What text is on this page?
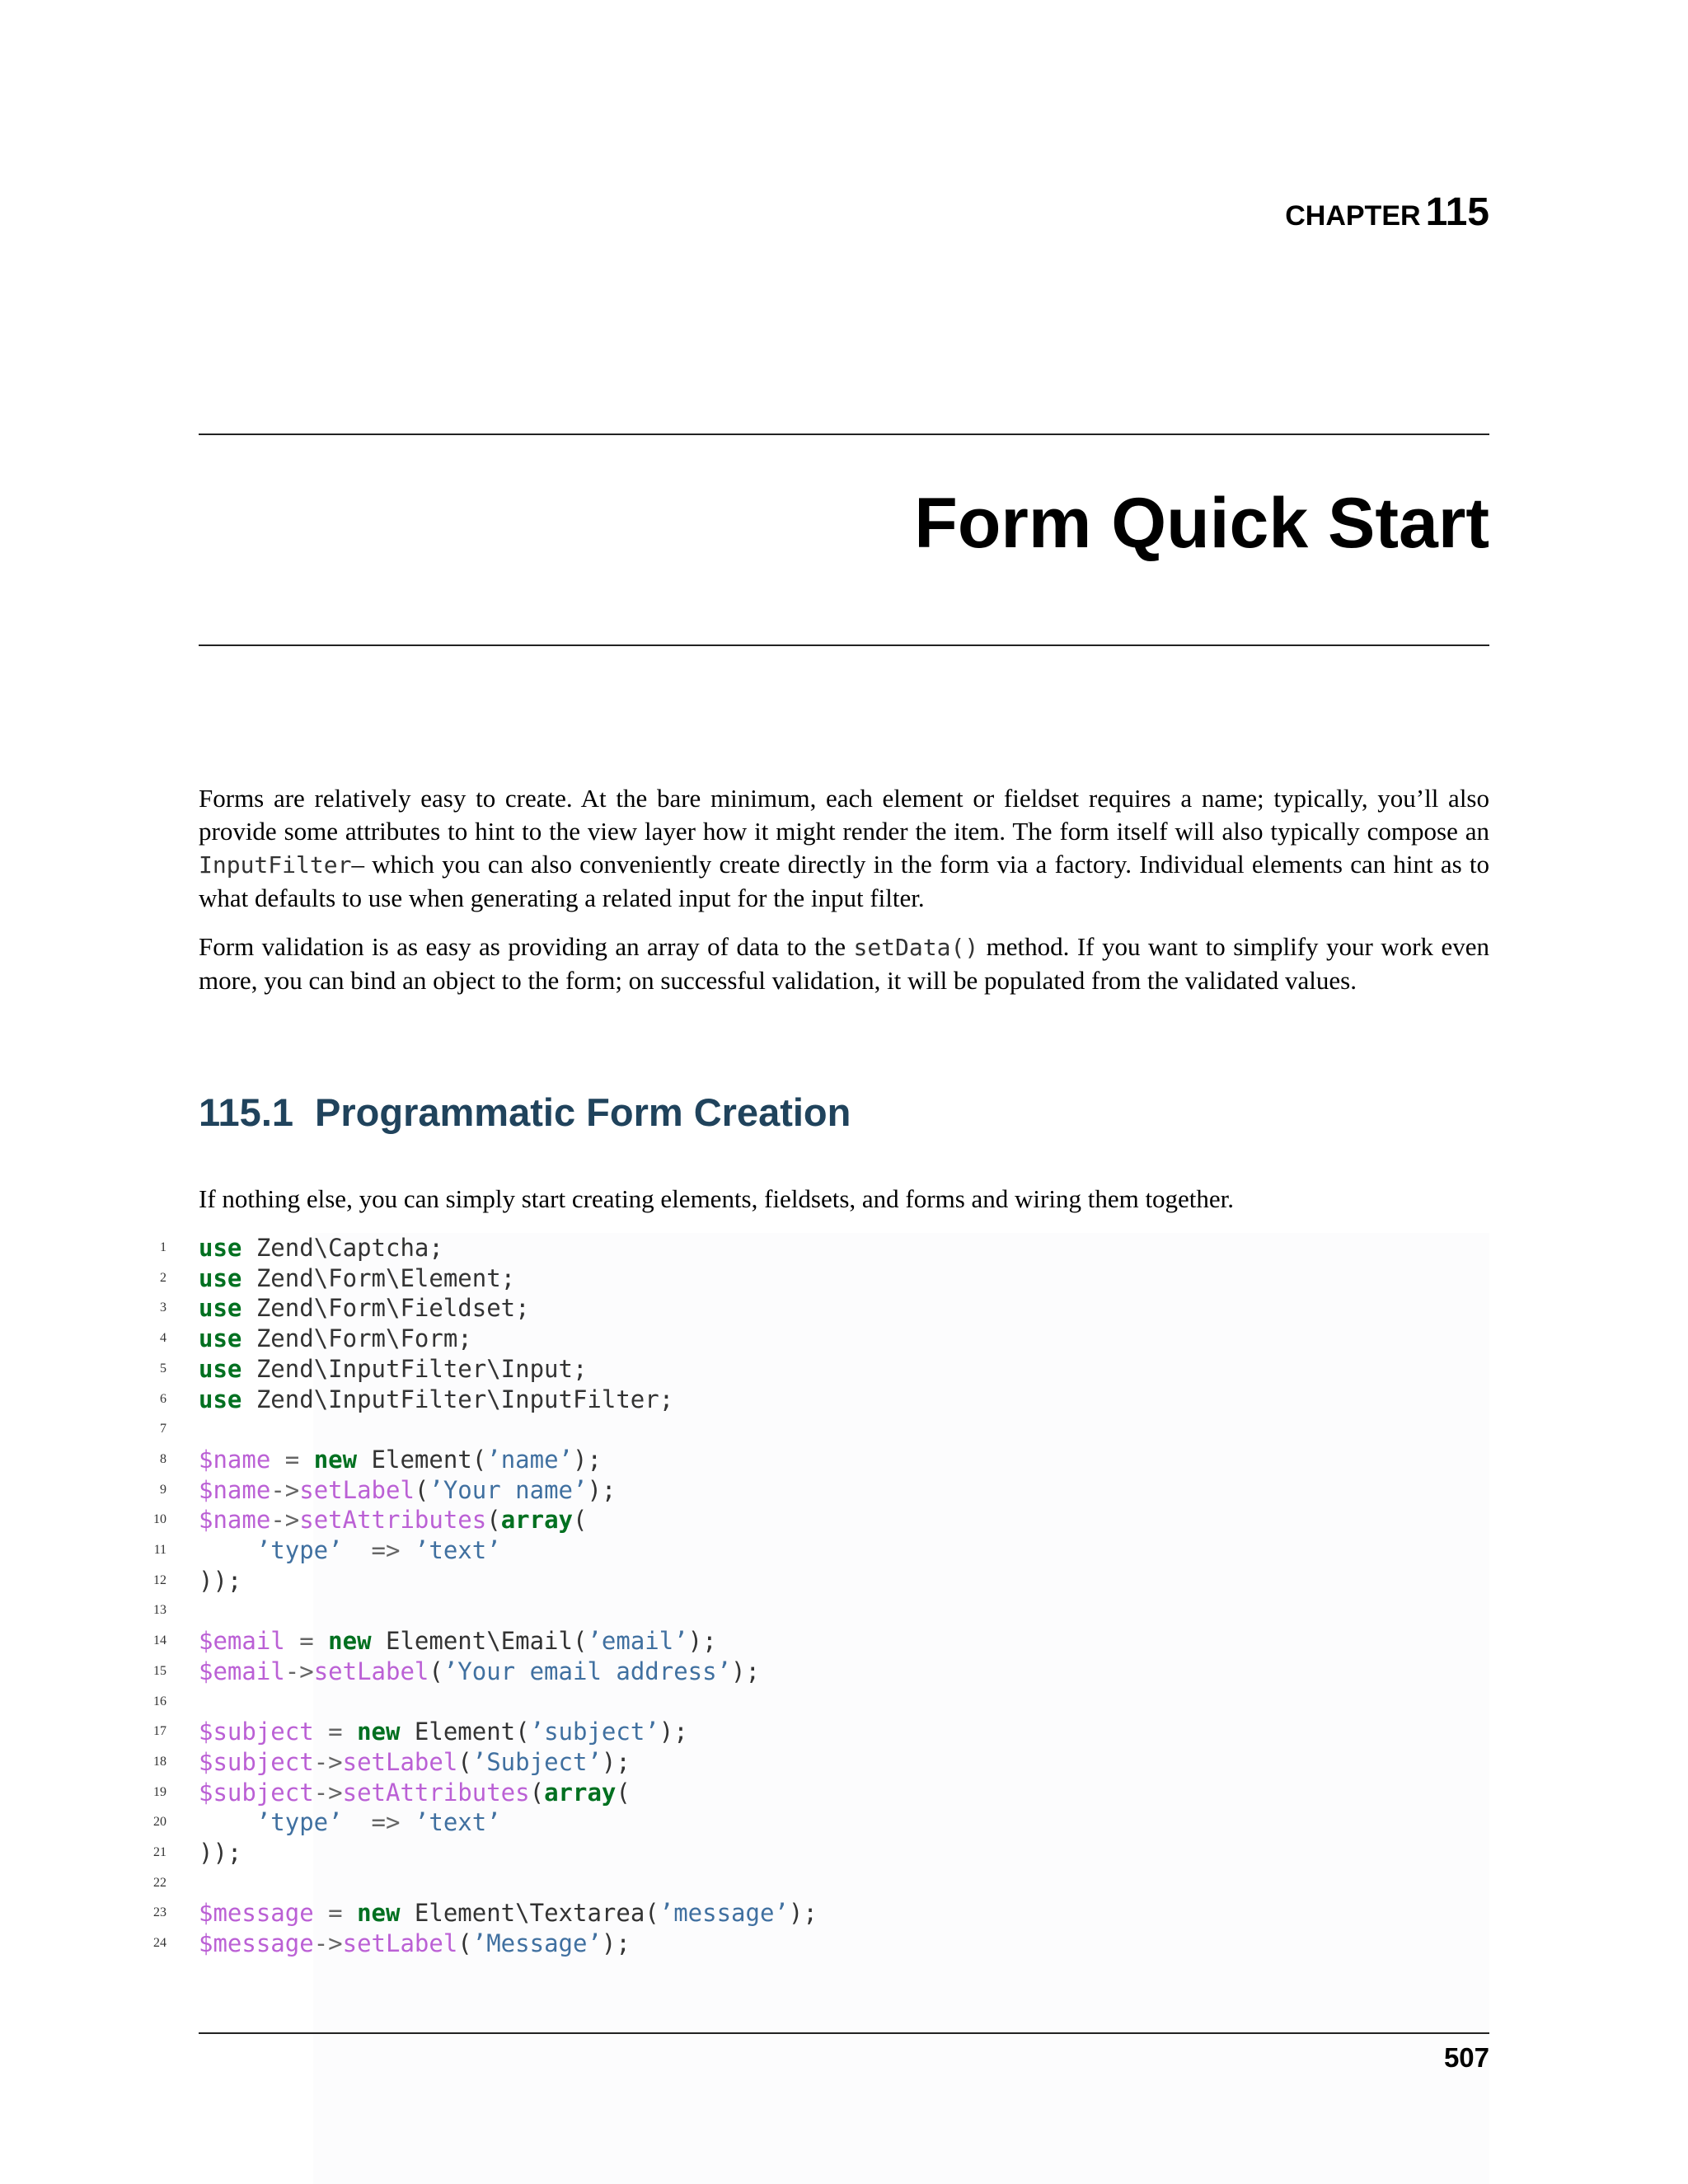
CHAPTER 115
Form Quick Start

Forms are relatively easy to create. At the bare minimum, each element or fieldset requires a name; typically, you’ll also provide some attributes to hint to the view layer how it might render the item. The form itself will also typically compose an InputFilter– which you can also conveniently create directly in the form via a factory. Individual elements can hint as to what defaults to use when generating a related input for the input filter.

Form validation is as easy as providing an array of data to the setData() method. If you want to simplify your work even more, you can bind an object to the form; on successful validation, it will be populated from the validated values.

115.1 Programmatic Form Creation

If nothing else, you can simply start creating elements, fieldsets, and forms and wiring them together.

1 use Zend\Captcha;
2 use Zend\Form\Element;
3 use Zend\Form\Fieldset;
4 use Zend\Form\Form;
5 use Zend\InputFilter\Input;
6 use Zend\InputFilter\InputFilter;
7
8 $name = new Element(’name’);
9 $name->setLabel(’Your name’);
10 $name->setAttributes(array(
11	’type’ => ’text’
12 ));
13
14 $email = new Element\Email(’email’);
15 $email->setLabel(’Your email address’);
16
17 $subject = new Element(’subject’);
18 $subject->setLabel(’Subject’);
19 $subject->setAttributes(array(
20	’type’ => ’text’
21 ));
22
23 $message = new Element\Textarea(’message’);
24 $message->setLabel(’Message’);
507
